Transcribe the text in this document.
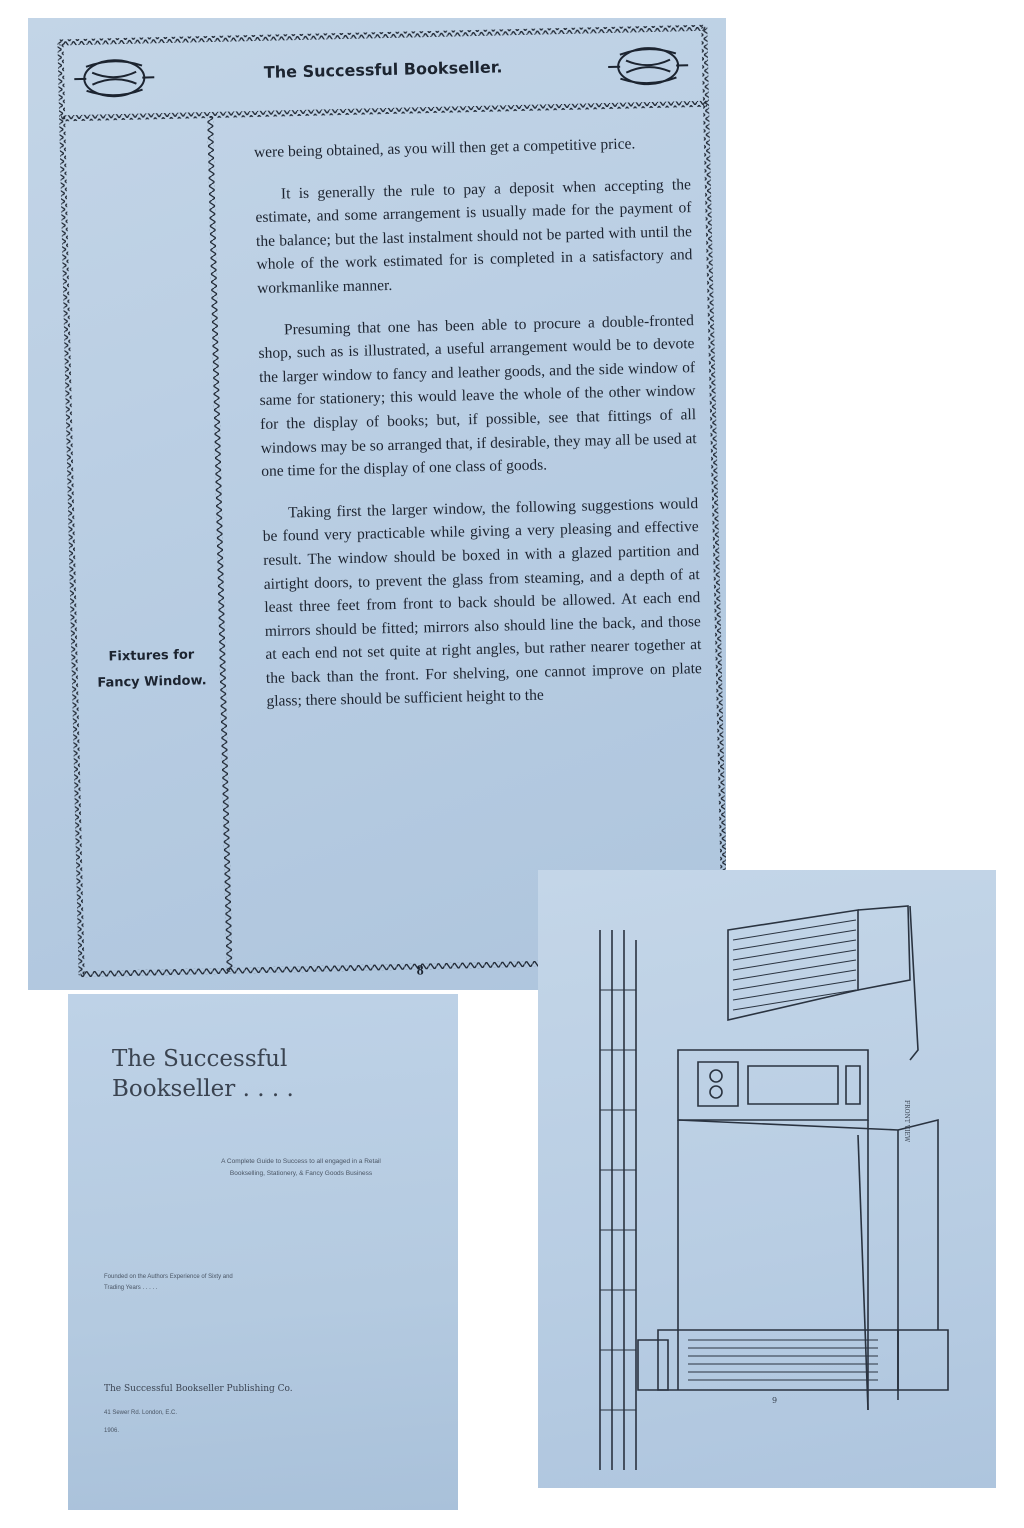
The Successful Bookseller.
Fixtures for Fancy Window.

were being obtained, as you will then get a competitive price.

It is generally the rule to pay a deposit when accepting the estimate, and some arrangement is usually made for the payment of the balance; but the last instalment should not be parted with until the whole of the work estimated for is completed in a satisfactory and workmanlike manner.

Presuming that one has been able to procure a double-fronted shop, such as is illustrated, a useful arrangement would be to devote the larger window to fancy and leather goods, and the side window of same for stationery; this would leave the whole of the other window for the display of books; but, if possible, see that fittings of all windows may be so arranged that, if desirable, they may all be used at one time for the display of one class of goods.

Taking first the larger window, the following suggestions would be found very practicable while giving a very pleasing and effective result. The window should be boxed in with a glazed partition and airtight doors, to prevent the glass from steaming, and a depth of at least three feet from front to back should be allowed. At each end mirrors should be fitted; mirrors also should line the back, and those at each end not set quite at right angles, but rather nearer together at the back than the front. For shelving, one cannot improve on plate glass; there should be sufficient height to the

8
The Successful
Bookseller . . . .
A Complete Guide to Success to all engaged in a Retail Bookselling, Stationery, & Fancy Goods Business
Founded on the Authors Experience of Sixty and Trading Years . . . . .
The Successful Bookseller Publishing Co.
41 Sewer Rd. London, E.C.
1906.
9
FRONT VIEW
